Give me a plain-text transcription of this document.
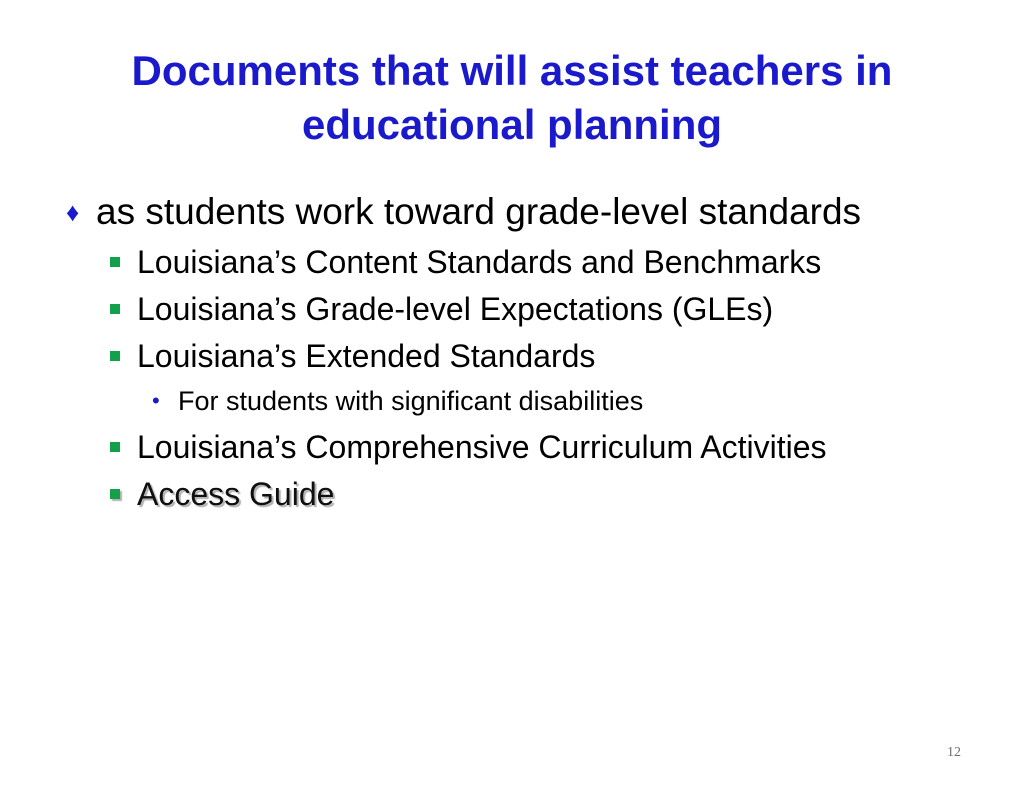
Documents that will assist teachers in
educational planning
♦ as students work toward grade-level standards
Louisiana’s Content Standards and Benchmarks
Louisiana’s Grade-level Expectations (GLEs)
Louisiana’s Extended Standards
• For students with significant disabilities
Louisiana’s Comprehensive Curriculum Activities
Access Guide
12
